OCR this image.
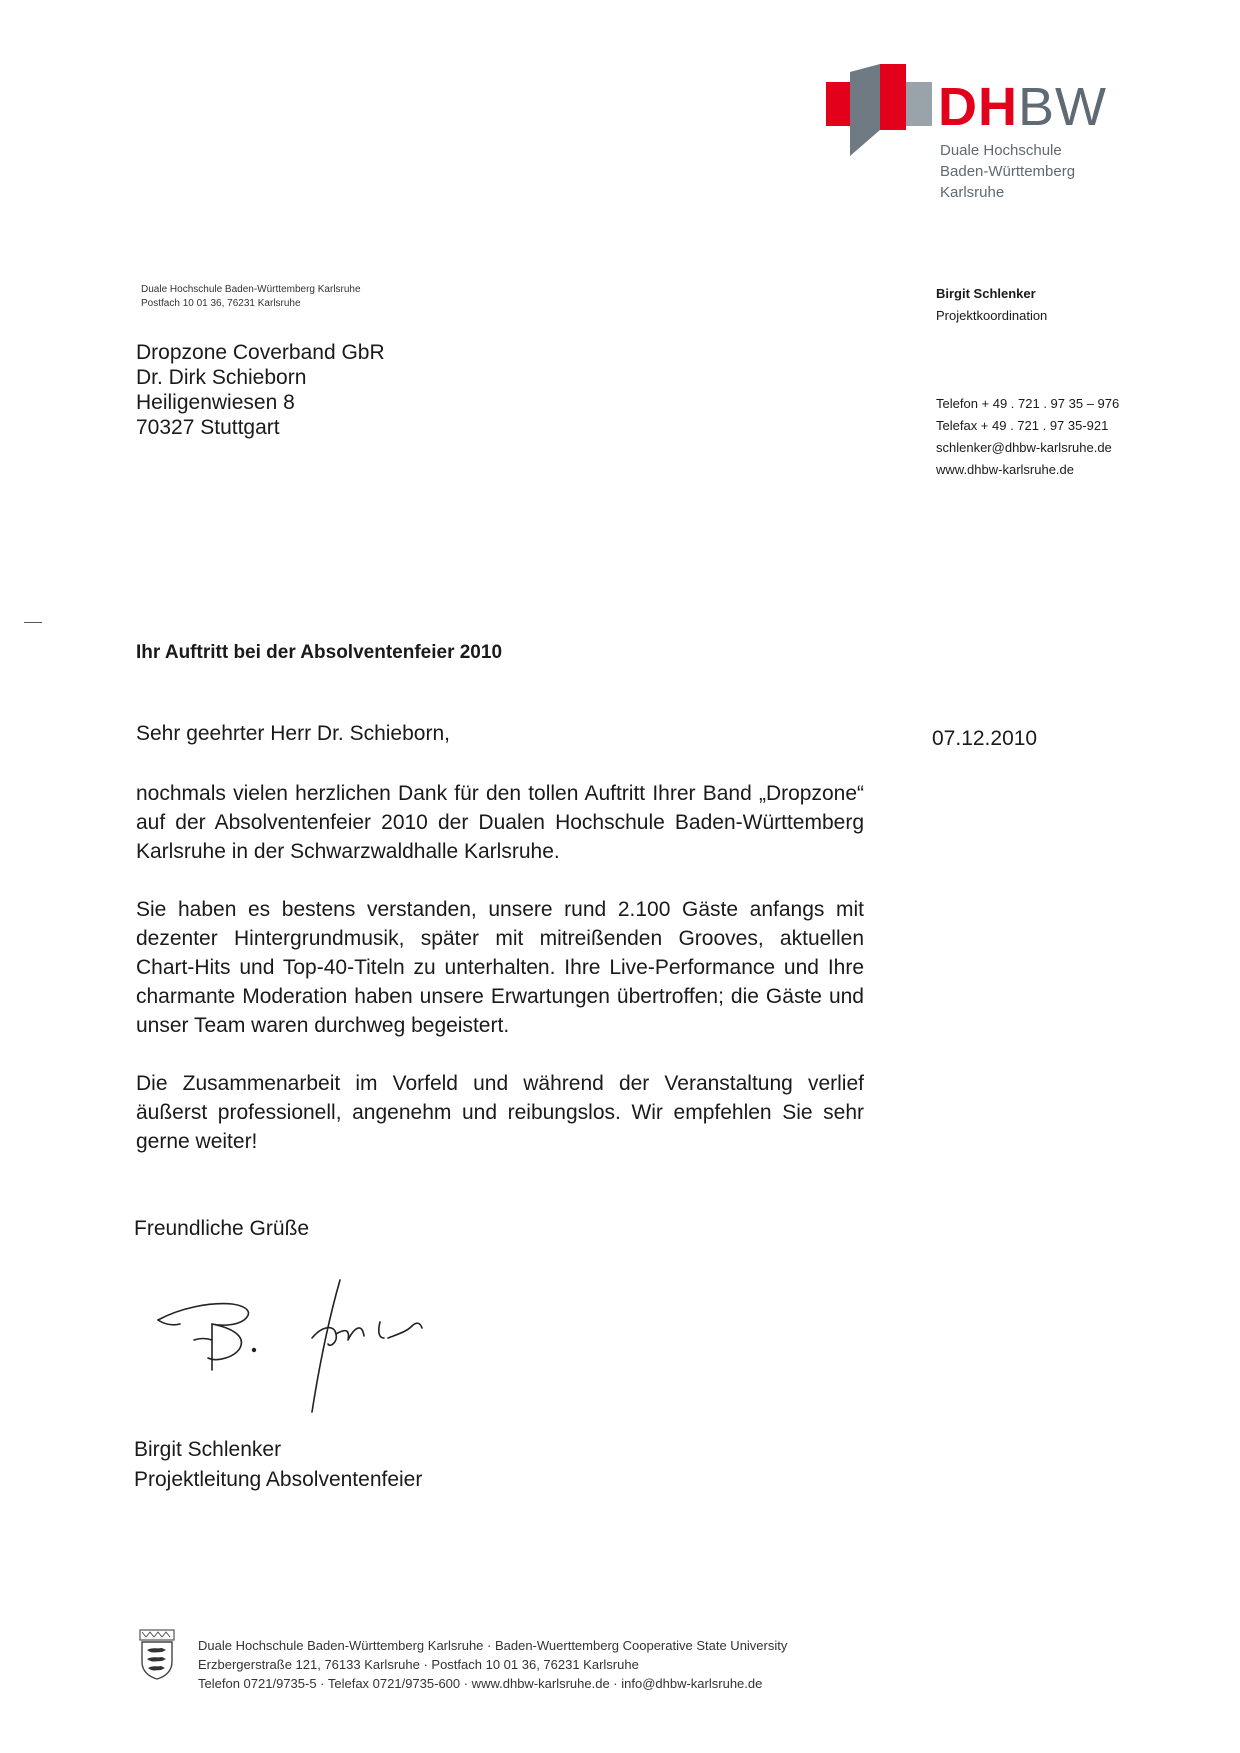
DHBW
Duale Hochschule
Baden-Württemberg
Karlsruhe
Duale Hochschule Baden-Württemberg Karlsruhe
Postfach 10 01 36, 76231 Karlsruhe
Birgit Schlenker
Projektkoordination
Telefon + 49 . 721 . 97 35 – 976
Telefax + 49 . 721 . 97 35-921
schlenker@dhbw-karlsruhe.de
www.dhbw-karlsruhe.de
Dropzone Coverband GbR
Dr. Dirk Schieborn
Heiligenwiesen 8
70327 Stuttgart
Ihr Auftritt bei der Absolventenfeier 2010
Sehr geehrter Herr Dr. Schieborn,	07.12.2010

nochmals vielen herzlichen Dank für den tollen Auftritt Ihrer Band „Dropzone“ auf der Absolventenfeier 2010 der Dualen Hochschule Baden-Württemberg Karlsruhe in der Schwarzwaldhalle Karlsruhe.

Sie haben es bestens verstanden, unsere rund 2.100 Gäste anfangs mit dezenter Hintergrundmusik, später mit mitreißenden Grooves, aktuellen Chart-Hits und Top-40-Titeln zu unterhalten. Ihre Live-Performance und Ihre charmante Moderation haben unsere Erwartungen übertroffen; die Gäste und unser Team waren durchweg begeistert.

Die Zusammenarbeit im Vorfeld und während der Veranstaltung verlief äußerst professionell, angenehm und reibungslos. Wir empfehlen Sie sehr gerne weiter!

Freundliche Grüße
Birgit Schlenker
Projektleitung Absolventenfeier
Duale Hochschule Baden-Württemberg Karlsruhe · Baden-Wuerttemberg Cooperative State University
Erzbergerstraße 121, 76133 Karlsruhe · Postfach 10 01 36, 76231 Karlsruhe
Telefon 0721/9735-5 · Telefax 0721/9735-600 · www.dhbw-karlsruhe.de · info@dhbw-karlsruhe.de
